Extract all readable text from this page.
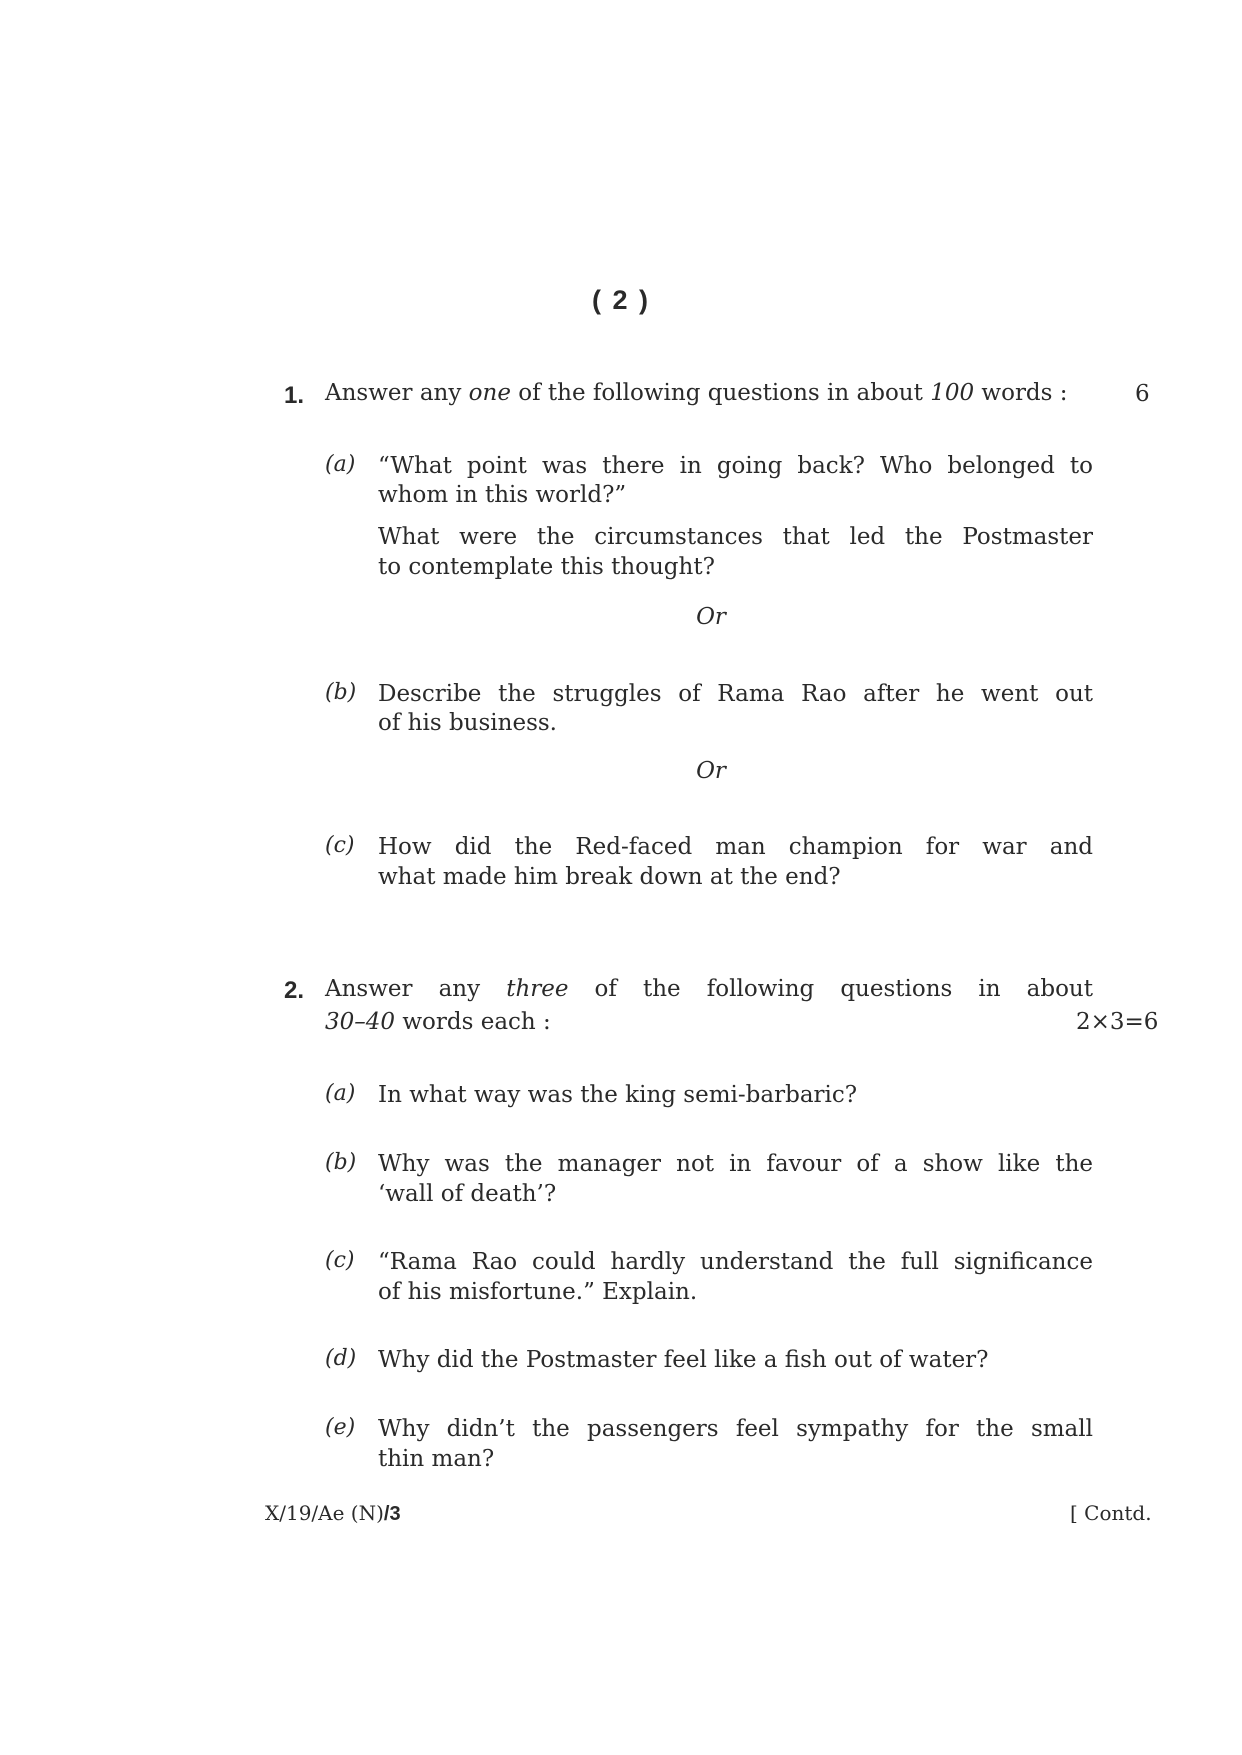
( 2 )
1. Answer any one of the following questions in about 100 words :	6
(a) “What point was there in going back? Who belonged to
whom in this world?”
What were the circumstances that led the Postmaster
to contemplate this thought?
Or
(b) Describe the struggles of Rama Rao after he went out
of his business.
Or
(c) How did the Red-faced man champion for war and
what made him break down at the end?
2. Answer any three of the following questions in about
30–40 words each :	2×3=6
(a) In what way was the king semi-barbaric?
(b) Why was the manager not in favour of a show like the
‘wall of death’?
(c) “Rama Rao could hardly understand the full significance
of his misfortune.” Explain.
(d) Why did the Postmaster feel like a fish out of water?
(e) Why didn’t the passengers feel sympathy for the small
thin man?
X/19/Ae (N)/3	[ Contd.
